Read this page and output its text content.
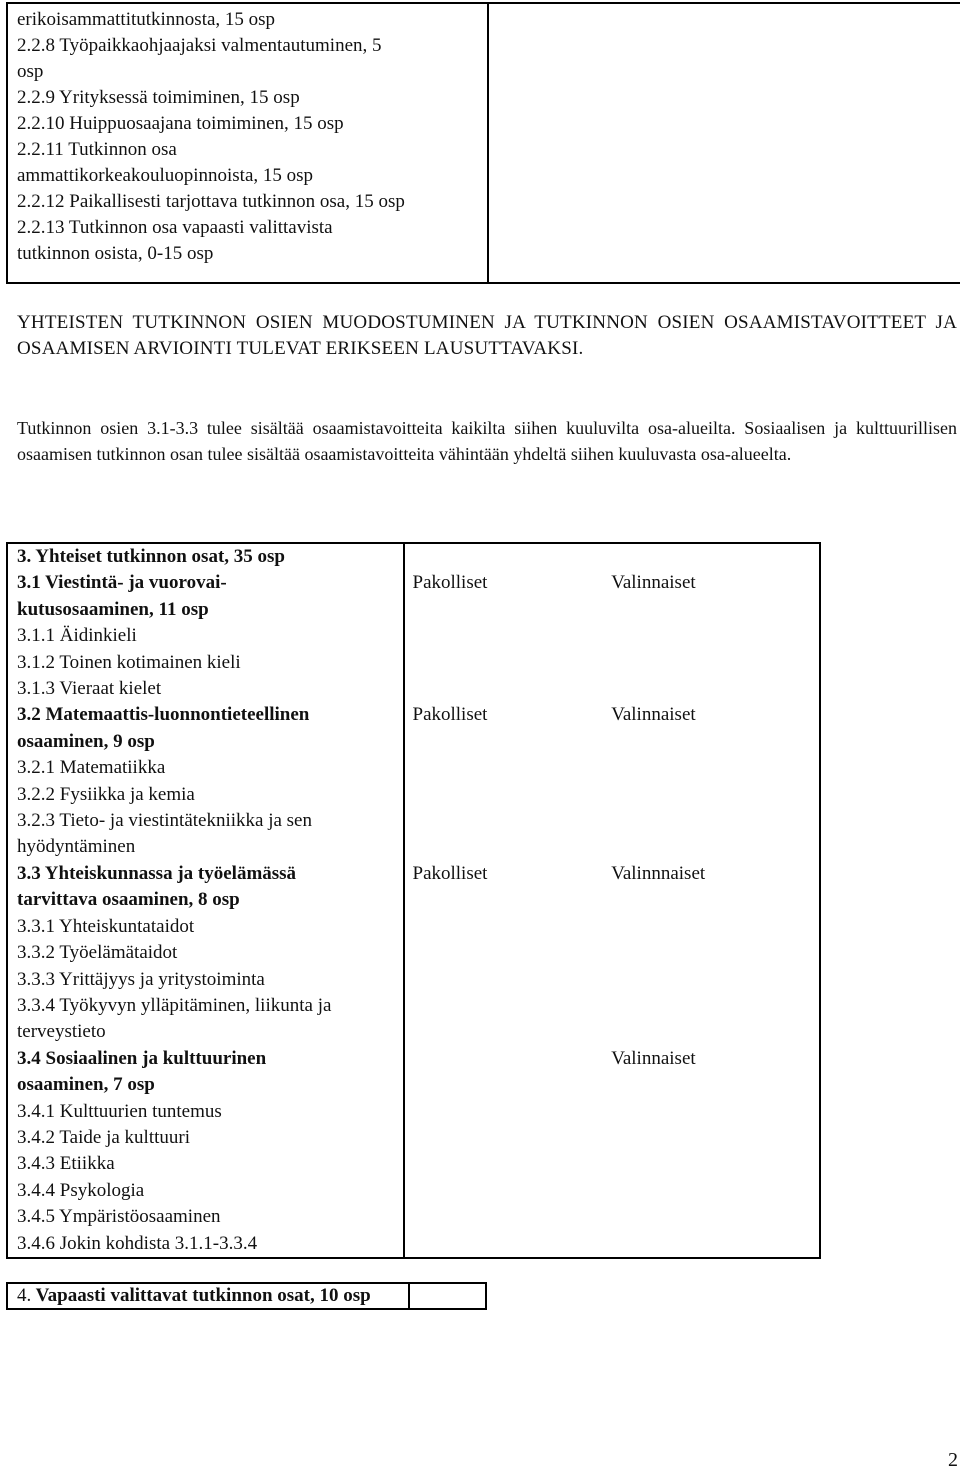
erikoisammattitutkinnosta, 15 osp
2.2.8 Työpaikkaohjaajaksi valmentautuminen, 5
osp
2.2.9 Yrityksessä toimiminen, 15 osp
2.2.10 Huippuosaajana toimiminen, 15 osp
2.2.11 Tutkinnon osa
ammattikorkeakouluopinnoista, 15 osp
2.2.12 Paikallisesti tarjottava tutkinnon osa, 15 osp
2.2.13 Tutkinnon osa vapaasti valittavista
tutkinnon osista, 0-15 osp

YHTEISTEN TUTKINNON OSIEN MUODOSTUMINEN JA TUTKINNON OSIEN OSAAMISTAVOITTEET JA OSAAMISEN ARVIOINTI TULEVAT ERIKSEEN LAUSUTTAVAKSI.
Tutkinnon osien 3.1-3.3 tulee sisältää osaamistavoitteita kaikilta siihen kuuluvilta osa-alueilta. Sosiaalisen ja kulttuurillisen osaamisen tutkinnon osan tulee sisältää osaamistavoitteita vähintään yhdeltä siihen kuuluvasta osa-alueelta.
3. Yhteiset tutkinnon osat, 35 osp		
3.1 Viestintä- ja vuorovai-	Pakolliset	Valinnaiset
kutusosaaminen, 11 osp		
3.1.1 Äidinkieli		
3.1.2 Toinen kotimainen kieli		
3.1.3 Vieraat kielet		
3.2 Matemaattis-luonnontieteellinen	Pakolliset	Valinnaiset
osaaminen, 9 osp		
3.2.1 Matematiikka		
3.2.2 Fysiikka ja kemia		
3.2.3 Tieto- ja viestintätekniikka ja sen		
hyödyntäminen		
3.3 Yhteiskunnassa ja työelämässä	Pakolliset	Valinnnaiset
tarvittava osaaminen, 8 osp		
3.3.1 Yhteiskuntataidot		
3.3.2 Työelämätaidot		
3.3.3 Yrittäjyys ja yritystoiminta		
3.3.4 Työkyvyn ylläpitäminen, liikunta ja		
terveystieto		
3.4 Sosiaalinen ja kulttuurinen		Valinnaiset
osaaminen, 7 osp		
3.4.1 Kulttuurien tuntemus		
3.4.2 Taide ja kulttuuri		
3.4.3 Etiikka		
3.4.4 Psykologia		
3.4.5 Ympäristöosaaminen		
3.4.6 Jokin kohdista 3.1.1-3.3.4		
4. Vapaasti valittavat tutkinnon osat, 10 osp
2
